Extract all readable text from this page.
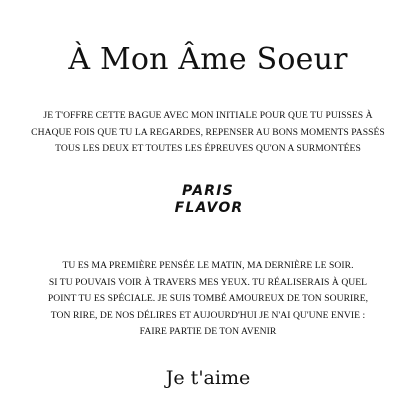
À Mon Âme Soeur
JE T'OFFRE CETTE BAGUE AVEC MON INITIALE POUR QUE TU PUISSES À
CHAQUE FOIS QUE TU LA REGARDES, REPENSER AU BONS MOMENTS PASSÉS
TOUS LES DEUX ET TOUTES LES ÉPREUVES QU'ON A SURMONTÉES
PARIS
FLAVOR
TU ES MA PREMIÈRE PENSÉE LE MATIN, MA DERNIÈRE LE SOIR.
SI TU POUVAIS VOIR À TRAVERS MES YEUX. TU RÉALISERAIS À QUEL
POINT TU ES SPÉCIALE. JE SUIS TOMBÉ AMOUREUX DE TON SOURIRE,
TON RIRE, DE NOS DÉLIRES ET AUJOURD'HUI JE N'AI QU'UNE ENVIE :
FAIRE PARTIE DE TON AVENIR
Je t'aime
